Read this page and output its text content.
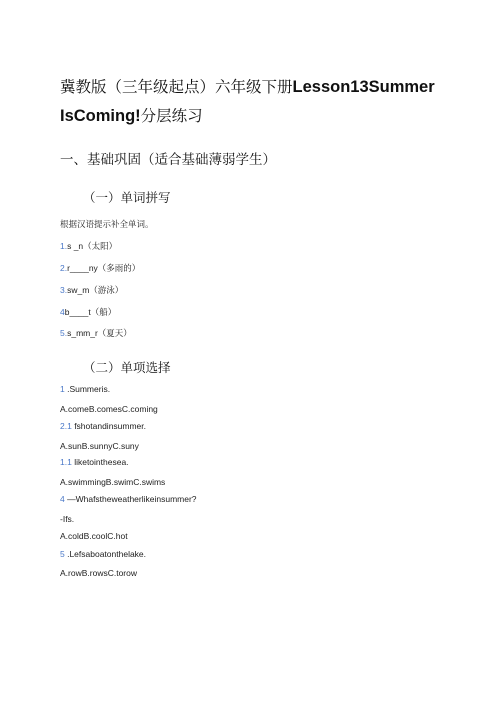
冀教版（三年级起点）六年级下册Lesson13Summer
IsComing!分层练习
一、基础巩固（适合基础薄弱学生）
（一）单词拼写
根据汉语提示补全单词。
1.s _n（太阳）
2.r____ny（多雨的）
3.sw_m（游泳）
4b____t（船）
5.s_mm_r（夏天）
（二）单项选择
1 .Summeris.
A.comeB.comesC.coming
2.1 fshotandinsummer.
A.sunB.sunnyC.suny
1.1 liketointhesea.
A.swimmingB.swimC.swims
4 —Whafstheweatherlikeinsummer?
-Ifs.
A.coldB.coolC.hot
5 .Lefsaboatonthelake.
A.rowB.rowsC.torow
